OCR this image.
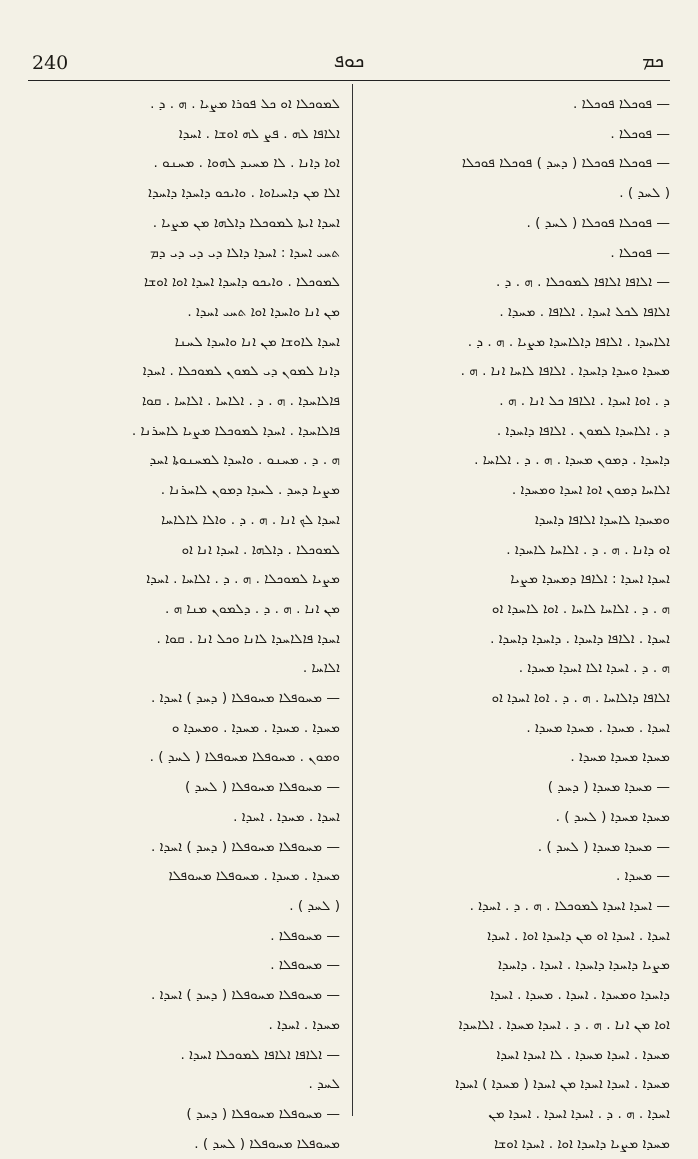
240	ܟܘܦ	ܟܡ

ܠܡܘܟܠܐ ܐܘ ܟܠ ܦܘܪܐ ܡܨܝܐ . ܗ . ܕ .

ܐܠܐܦܐ ܠܗ . ܦܨ ܠܗ ܐܘܫܐ . ܐܚܕܐ

ܐܘܐ ܕܐܢܐ . ܠܐ ܡܚܝܕ ܠܗܘܐ . ܡܚܢܘ .

ܐܠܐ ܡܢ ܕܐܚܝܐܘܐ . ܘܐܝܟܘ ܕܐܚܕܐ ܕܐܚܕܐ

ܐܚܕܐ ܐܝܬܐ ܠܡܘܟܠܐ ܕܐܠܗܐ ܡܢ ܡܨܝܐ .

ܬܚܝ ܐܚܕܐ : ܐܚܕܐ ܕܐܠܐ ܕܝ ܕܝ ܕܝ ܕܡ

ܠܡܘܟܠܐ . ܘܐܝܟܘ ܕܐܚܕܐ ܐܚܕܐ ܐܘܐ ܐܘܫܐ

ܡܢ ܐܢܐ ܘܐܚܕܐ ܐܘܐ ܬܚܝ ܐܚܕܐ .

ܐܚܕܐ ܠܐܘܫܐ ܡܢ ܐܢܐ ܘܐܚܕܐ ܠܚܢܐ

ܕܐܢܐ ܠܡܘܢ ܕܝ ܠܡܘܢ ܠܡܘܟܠܐ . ܐܚܕܐ

ܦܐܠܐܚܕܐ . ܗ . ܕ . ܐܠܐܚܐ . ܐܠܐܚܐ . ܩܘܐ

ܦܐܠܐܚܕܐ . ܐܚܕܐ ܠܡܘܟܠܐ ܡܨܝܐ ܠܐܚܪܢܐ .

ܗ . ܕ . ܡܚܢܘ . ܘܐܚܕܐ ܠܡܚܢܘܬܐ ܐܚܕ

ܡܨܝܐ ܕܚܕ . ܠܚܕܐ ܕܡܘܢ ܠܐܚܪܢܐ .

ܐܚܕܐ ܠܟ ܐܢܐ . ܗ . ܕ . ܘܐܠܐ ܠܐܠܐܚܐ

ܠܡܘܟܠܐ . ܕܐܠܗܐ . ܐܚܕܐ ܐܢܐ ܐܘ

ܡܨܝܐ ܠܡܘܟܠܐ . ܗ . ܕ . ܐܠܐܚܐ . ܐܚܕܐ

ܡܢ ܐܢܐ . ܗ . ܕ . ܕܠܡܘܢ ܡܢܐ ܗ .

ܐܚܕܐ ܦܐܠܐܚܕܐ ܠܐܢܐ ܘܟܠ ܐܢܐ . ܩܘܐ .

ܐܠܐܚܐ .

— ܡܚܘܦܠܐ ܡܚܘܦܠܐ ( ܕܚܕ ) ܐܚܕܐ .

ܡܚܕܐ . ܡܚܕܐ . ܡܚܕܐ . ܘܡܚܕܐ ܘ

ܘܡܘܢ . ܡܚܘܦܠܐ ܡܚܘܦܠܐ ( ܠܚܕ ) .

— ܡܚܘܦܠܐ ܡܚܘܦܠܐ ( ܠܚܕ )

ܐܚܕܐ . ܡܚܕܐ . ܐܚܕܐ .

— ܡܚܘܦܠܐ ܡܚܘܦܠܐ ( ܕܚܕ ) ܐܚܕܐ .

ܡܚܕܐ . ܡܚܕܐ . ܡܚܘܦܠܐ ܡܚܘܦܠܐ

( ܠܚܕ ) .

— ܡܚܘܦܠܐ .

— ܡܚܘܦܠܐ .

— ܡܚܘܦܠܐ ܡܚܘܦܠܐ ( ܕܚܕ ) ܐܚܕܐ .

ܡܚܕܐ . ܐܚܕܐ .

— ܐܠܐܦܐ ܐܠܐܦܐ ܠܡܘܟܠܐ ܐܚܕܐ .

ܠܚܕ .

— ܡܚܘܦܠܐ ܡܚܘܦܠܐ ( ܕܚܕ )

ܡܚܘܦܠܐ ܡܚܘܦܠܐ ( ܠܚܕ ) .

— ܦܘܟܠܐ ܦܘܟܠܐ .

— ܦܘܟܠܐ .

— ܦܘܟܠܐ ܦܘܟܠܐ ( ܕܚܕ ) ܦܘܟܠܐ ܦܘܟܠܐ

( ܠܚܕ ) .

— ܦܘܟܠܐ ܦܘܟܠܐ ( ܠܚܕ ) .

— ܦܘܟܠܐ .

— ܐܠܐܦܐ ܐܠܐܦܐ ܠܡܘܟܠܐ . ܗ . ܕ .

ܐܠܐܦܐ ܠܟܠ ܐܚܕܐ . ܐܠܐܦܐ . ܡܚܕܐ .

ܐܠܐܚܕܐ . ܐܠܐܦܐ ܕܐܠܐܚܕܐ ܡܨܝܐ . ܗ . ܕ .

ܡܚܕܐ ܘܚܕܐ ܕܐܚܕܐ . ܐܠܐܦܐ ܠܐܚܐ ܐܢܐ . ܗ .

ܕ . ܐܘܐ ܐܚܕܐ . ܐܠܐܦܐ ܟܠ ܐܢܐ . ܗ .

ܕ . ܐܠܐܚܕܐ ܠܡܘܢ . ܐܠܐܦܐ ܕܐܚܕܐ .

ܕܐܚܕܐ . ܕܡܘܢ ܡܚܕܐ . ܗ . ܕ . ܐܠܐܚܐ .

ܐܠܐܚܐ ܕܡܘܢ ܐܘܐ ܐܚܕܐ ܘܡܚܕܐ .

ܘܡܚܕܐ ܠܐܚܕܐ ܐܠܐܦܐ ܕܐܚܕܐ

ܐܘ ܕܐܢܐ . ܗ . ܕ . ܐܠܐܚܐ ܠܐܚܕܐ .

ܐܚܕܐ ܐܚܕܐ : ܐܠܐܦܐ ܕܡܚܕܐ ܡܨܝܐ

ܗ . ܕ . ܐܠܐܚܐ ܠܐܚܐ . ܐܘܐ ܠܐܚܕܐ ܐܘ

ܐܚܕܐ . ܐܠܐܦܐ ܕܐܚܕܐ . ܕܐܚܕܐ ܕܐܚܕܐ .

ܗ . ܕ . ܐܚܕܐ ܐܠܐ ܐܚܕܐ ܡܚܕܐ .

ܐܠܐܦܐ ܕܐܠܐܚܐ . ܗ . ܕ . ܐܘܐ ܐܚܕܐ ܐܘ

ܐܚܕܐ . ܡܚܕܐ . ܡܚܕܐ ܡܚܕܐ .

ܡܚܕܐ ܡܚܕܐ ܡܚܕܐ .

— ܡܚܕܐ ܡܚܕܐ ( ܕܚܕ )

ܡܚܕܐ ܡܚܕܐ ( ܠܚܕ ) .

— ܡܚܕܐ ܡܚܕܐ ( ܠܚܕ ) .

— ܡܚܕܐ .

— ܐܚܕܐ ܐܚܕܐ ܠܡܘܟܠܐ . ܗ . ܕ . ܐܚܕܐ .

ܐܚܕܐ . ܐܚܕܐ ܐܘ ܡܢ ܕܐܚܕܐ ܐܘܐ . ܐܚܕܐ

ܡܨܝܐ ܕܐܚܕܐ ܕܐܚܕܐ . ܐܚܕܐ . ܕܐܚܕܐ

ܕܐܚܕܐ ܘܡܚܕܐ . ܐܚܕܐ . ܡܚܕܐ . ܐܚܕܐ

ܐܘܐ ܡܢ ܐܢܐ . ܗ . ܕ . ܐܚܕܐ ܡܚܕܐ . ܐܠܐܚܕܐ

ܡܚܕܐ . ܐܚܕܐ ܡܚܕܐ . ܠܐ ܐܚܕܐ ܐܚܕܐ

ܡܚܕܐ . ܐܚܕܐ ܐܚܕܐ ܡܢ ܐܚܕܐ ( ܡܚܕܐ ) ܐܚܕܐ

ܐܚܕܐ . ܗ . ܕ . ܐܚܕܐ ܐܚܕܐ . ܐܚܕܐ ܡܢ

ܡܚܕܐ ܡܨܝܐ ܕܐܚܕܐ ܐܘܐ . ܐܚܕܐ ܐܘܫܐ
